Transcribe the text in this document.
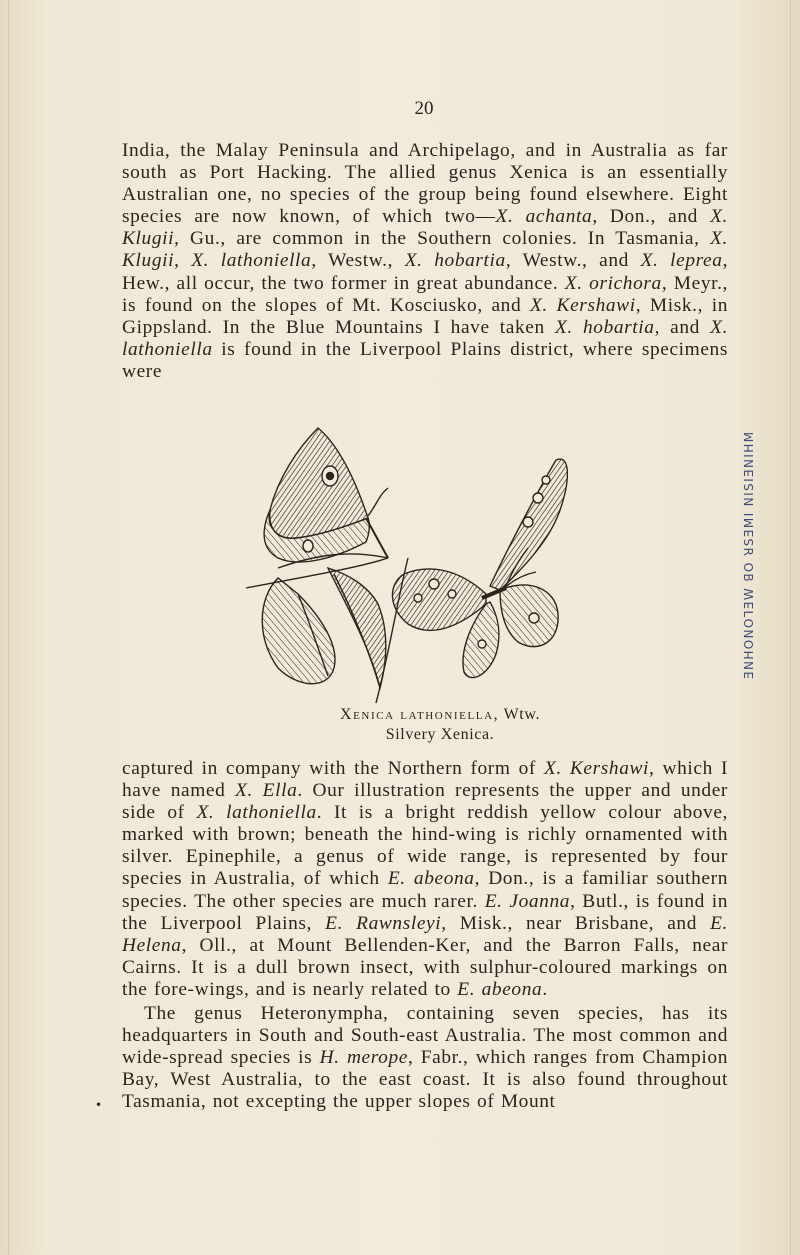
20

India, the Malay Peninsula and Archipelago, and in Australia as far south as Port Hacking. The allied genus Xenica is an essentially Australian one, no species of the group being found elsewhere. Eight species are now known, of which two—X. achanta, Don., and X. Klugii, Gu., are common in the Southern colonies. In Tasmania, X. Klugii, X. lathoniella, Westw., X. hobartia, Westw., and X. leprea, Hew., all occur, the two former in great abundance. X. orichora, Meyr., is found on the slopes of Mt. Kosciusko, and X. Kershawi, Misk., in Gippsland. In the Blue Mountains I have taken X. hobartia, and X. lathoniella is found in the Liverpool Plains district, where specimens were

Xenica lathoniella, Wtw.
Silvery Xenica.

captured in company with the Northern form of X. Kershawi, which I have named X. Ella. Our illustration represents the upper and under side of X. lathoniella. It is a bright reddish yellow colour above, marked with brown; beneath the hind-wing is richly ornamented with silver. Epinephile, a genus of wide range, is represented by four species in Australia, of which E. abeona, Don., is a familiar southern species. The other species are much rarer. E. Joanna, Butl., is found in the Liverpool Plains, E. Rawnsleyi, Misk., near Brisbane, and E. Helena, Oll., at Mount Bellenden-Ker, and the Barron Falls, near Cairns. It is a dull brown insect, with sulphur-coloured markings on the fore-wings, and is nearly related to E. abeona.

The genus Heteronympha, containing seven species, has its headquarters in South and South-east Australia. The most common and wide-spread species is H. merope, Fabr., which ranges from Champion Bay, West Australia, to the east coast. It is also found throughout Tasmania, not excepting the upper slopes of Mount

•
ƎNHONOꓶƎW ꓭO ꓤSƎMꓲ NꓲSꓲƎꓠꓲHꓟ
